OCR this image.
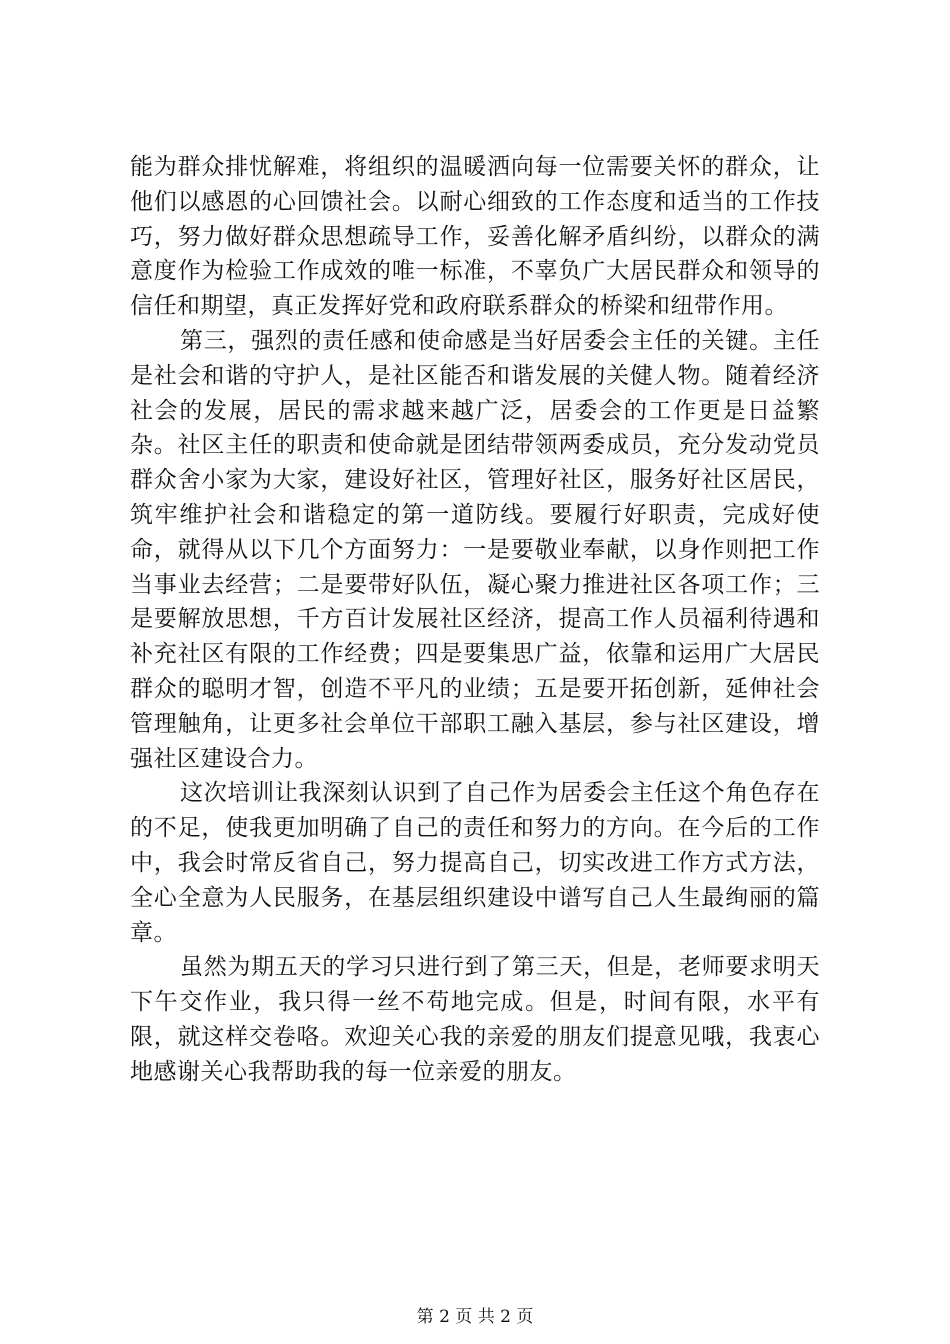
能为群众排忧解难，将组织的温暖洒向每一位需要关怀的群众，让他们以感恩的心回馈社会。以耐心细致的工作态度和适当的工作技巧，努力做好群众思想疏导工作，妥善化解矛盾纠纷，以群众的满意度作为检验工作成效的唯一标准，不辜负广大居民群众和领导的信任和期望，真正发挥好党和政府联系群众的桥梁和纽带作用。

第三，强烈的责任感和使命感是当好居委会主任的关键。主任是社会和谐的守护人，是社区能否和谐发展的关健人物。随着经济社会的发展，居民的需求越来越广泛，居委会的工作更是日益繁杂。社区主任的职责和使命就是团结带领两委成员，充分发动党员群众舍小家为大家，建设好社区，管理好社区，服务好社区居民，筑牢维护社会和谐稳定的第一道防线。要履行好职责，完成好使命，就得从以下几个方面努力：一是要敬业奉献，以身作则把工作当事业去经营；二是要带好队伍，凝心聚力推进社区各项工作；三是要解放思想，千方百计发展社区经济，提高工作人员福利待遇和补充社区有限的工作经费；四是要集思广益，依靠和运用广大居民群众的聪明才智，创造不平凡的业绩；五是要开拓创新，延伸社会管理触角，让更多社会单位干部职工融入基层，参与社区建设，增强社区建设合力。

这次培训让我深刻认识到了自己作为居委会主任这个角色存在的不足，使我更加明确了自己的责任和努力的方向。在今后的工作中，我会时常反省自己，努力提高自己，切实改进工作方式方法，全心全意为人民服务，在基层组织建设中谱写自己人生最绚丽的篇章。

虽然为期五天的学习只进行到了第三天，但是，老师要求明天下午交作业，我只得一丝不苟地完成。但是，时间有限，水平有限，就这样交卷咯。欢迎关心我的亲爱的朋友们提意见哦，我衷心地感谢关心我帮助我的每一位亲爱的朋友。

第 2 页 共 2 页
